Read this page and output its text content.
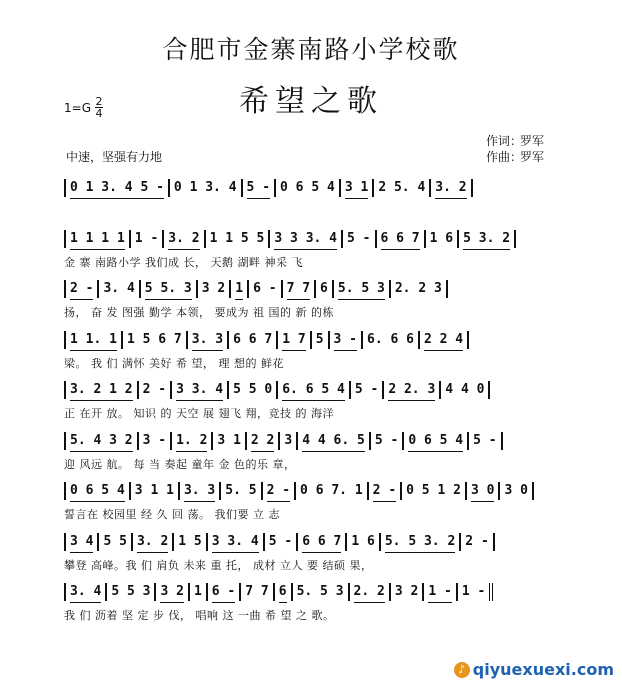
合肥市金寨南路小学校歌
希望之歌
$1=G \frac{2}{4}$
中速，坚强有力地
作词：罗军
作曲：罗军
0 1 3. 4 5 - 0 1 3. 4 5 - 0 6 5 4 3 1 2 5. 4 3. 2
1 1 1 1 1 - 3. 2 1 1 5 5 3 3 3. 4 5 - 6 6 7 1 6 5 3. 2
金 寨 南路小学 我们成 长， 天鹅 湖畔 神采 飞
2 - 3. 4 5 5. 3 3 2 1 6 - 7 7 6 5. 5 3 2. 2 3
扬， 奋 发 图强 勤学 本领， 要成为 祖 国的 新 的栋
1 1. 1 1 5 6 7 3. 3 6 6 7 1 7 5 3 - 6. 6 6 2 2 4
梁。 我 们 满怀 美好 希 望， 理 想的 鲜花
3. 2 1 2 2 - 3 3. 4 5 5 0 6. 6 5 4 5 - 2 2. 3 4 4 0
正 在开 放。 知识 的 天空 展 翅飞 翔，竞技 的 海洋
5. 4 3 2 3 - 1. 2 3 1 2 2 3 4 4 6. 5 5 - 0 6 5 4 5 -
迎 风远 航。 每 当 奏起 童年 金 色的乐 章，
0 6 5 4 3 1 1 3. 3 5. 5 2 - 0 6 7. 1 2 - 0 5 1 2 3 0 3 0
誓言在 校园里 经 久 回 荡。 我们要 立 志
3 4 5 5 3. 2 1 5 3 3. 4 5 - 6 6 7 1 6 5. 5 3. 2 2 -
攀登 高峰。我 们 肩负 未来 重 托， 成材 立人 要 结硕 果，
3. 4 5 5 3 3 2 1 6 - 7 7 6 5. 5 3 2. 2 3 2 1 - 1 -
我 们 沥着 坚 定 步 伐， 唱响 这 一曲 希 望 之 歌。
♪ qiyuexuexi.com
